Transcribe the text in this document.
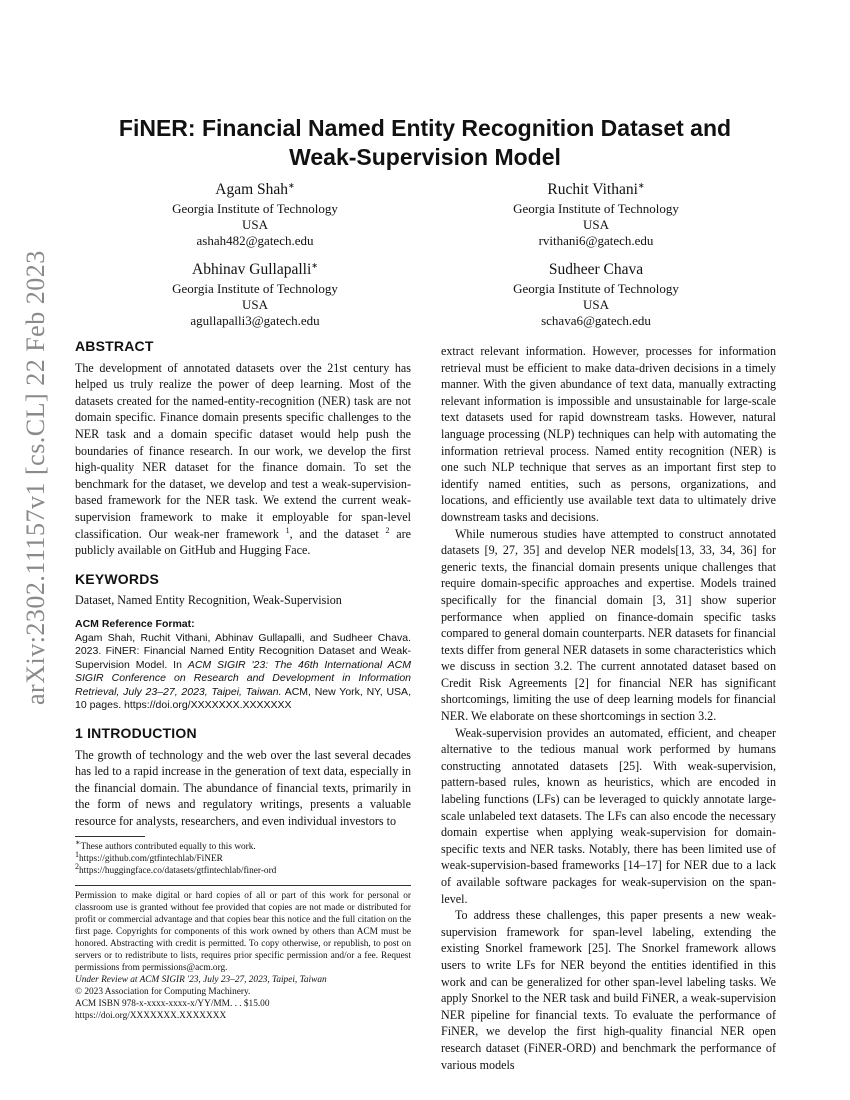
arXiv:2302.11157v1 [cs.CL] 22 Feb 2023
FiNER: Financial Named Entity Recognition Dataset and
Weak-Supervision Model
Agam Shah∗
Georgia Institute of Technology
USA
ashah482@gatech.edu
Ruchit Vithani∗
Georgia Institute of Technology
USA
rvithani6@gatech.edu
Abhinav Gullapalli∗
Georgia Institute of Technology
USA
agullapalli3@gatech.edu
Sudheer Chava
Georgia Institute of Technology
USA
schava6@gatech.edu
ABSTRACT

The development of annotated datasets over the 21st century has helped us truly realize the power of deep learning. Most of the datasets created for the named-entity-recognition (NER) task are not domain specific. Finance domain presents specific challenges to the NER task and a domain specific dataset would help push the boundaries of finance research. In our work, we develop the first high-quality NER dataset for the finance domain. To set the benchmark for the dataset, we develop and test a weak-supervision-based framework for the NER task. We extend the current weak-supervision framework to make it employable for span-level classification. Our weak-ner framework $^1$, and the dataset $^2$ are publicly available on GitHub and Hugging Face.

KEYWORDS

Dataset, Named Entity Recognition, Weak-Supervision

ACM Reference Format:
Agam Shah, Ruchit Vithani, Abhinav Gullapalli, and Sudheer Chava. 2023. FiNER: Financial Named Entity Recognition Dataset and Weak-Supervision Model. In ACM SIGIR '23: The 46th International ACM SIGIR Conference on Research and Development in Information Retrieval, July 23–27, 2023, Taipei, Taiwan. ACM, New York, NY, USA, 10 pages. https://doi.org/XXXXXXX.XXXXXXX
1 INTRODUCTION

The growth of technology and the web over the last several decades has led to a rapid increase in the generation of text data, especially in the financial domain. The abundance of financial texts, primarily in the form of news and regulatory writings, presents a valuable resource for analysts, researchers, and even individual investors to

∗These authors contributed equally to this work.
$^1$https://github.com/gtfintechlab/FiNER
$^2$https://huggingface.co/datasets/gtfintechlab/finer-ord
Permission to make digital or hard copies of all or part of this work for personal or classroom use is granted without fee provided that copies are not made or distributed for profit or commercial advantage and that copies bear this notice and the full citation on the first page. Copyrights for components of this work owned by others than ACM must be honored. Abstracting with credit is permitted. To copy otherwise, or republish, to post on servers or to redistribute to lists, requires prior specific permission and/or a fee. Request permissions from permissions@acm.org.
Under Review at ACM SIGIR '23, July 23–27, 2023, Taipei, Taiwan
© 2023 Association for Computing Machinery.
ACM ISBN 978-x-xxxx-xxxx-x/YY/MM. . . $15.00
https://doi.org/XXXXXXX.XXXXXXX

extract relevant information. However, processes for information retrieval must be efficient to make data-driven decisions in a timely manner. With the given abundance of text data, manually extracting relevant information is impossible and unsustainable for large-scale text datasets used for rapid downstream tasks. However, natural language processing (NLP) techniques can help with automating the information retrieval process. Named entity recognition (NER) is one such NLP technique that serves as an important first step to identify named entities, such as persons, organizations, and locations, and efficiently use available text data to ultimately drive downstream tasks and decisions.

While numerous studies have attempted to construct annotated datasets [9, 27, 35] and develop NER models[13, 33, 34, 36] for generic texts, the financial domain presents unique challenges that require domain-specific approaches and expertise. Models trained specifically for the financial domain [3, 31] show superior performance when applied on finance-domain specific tasks compared to general domain counterparts. NER datasets for financial texts differ from general NER datasets in some characteristics which we discuss in section 3.2. The current annotated dataset based on Credit Risk Agreements [2] for financial NER has significant shortcomings, limiting the use of deep learning models for financial NER. We elaborate on these shortcomings in section 3.2.

Weak-supervision provides an automated, efficient, and cheaper alternative to the tedious manual work performed by humans constructing annotated datasets [25]. With weak-supervision, pattern-based rules, known as heuristics, which are encoded in labeling functions (LFs) can be leveraged to quickly annotate large-scale unlabeled text datasets. The LFs can also encode the necessary domain expertise when applying weak-supervision for domain-specific texts and NER tasks. Notably, there has been limited use of weak-supervision-based frameworks [14–17] for NER due to a lack of available software packages for weak-supervision on the span-level.

To address these challenges, this paper presents a new weak-supervision framework for span-level labeling, extending the existing Snorkel framework [25]. The Snorkel framework allows users to write LFs for NER beyond the entities identified in this work and can be generalized for other span-level labeling tasks. We apply Snorkel to the NER task and build FiNER, a weak-supervision NER pipeline for financial texts. To evaluate the performance of FiNER, we develop the first high-quality financial NER open research dataset (FiNER-ORD) and benchmark the performance of various models
